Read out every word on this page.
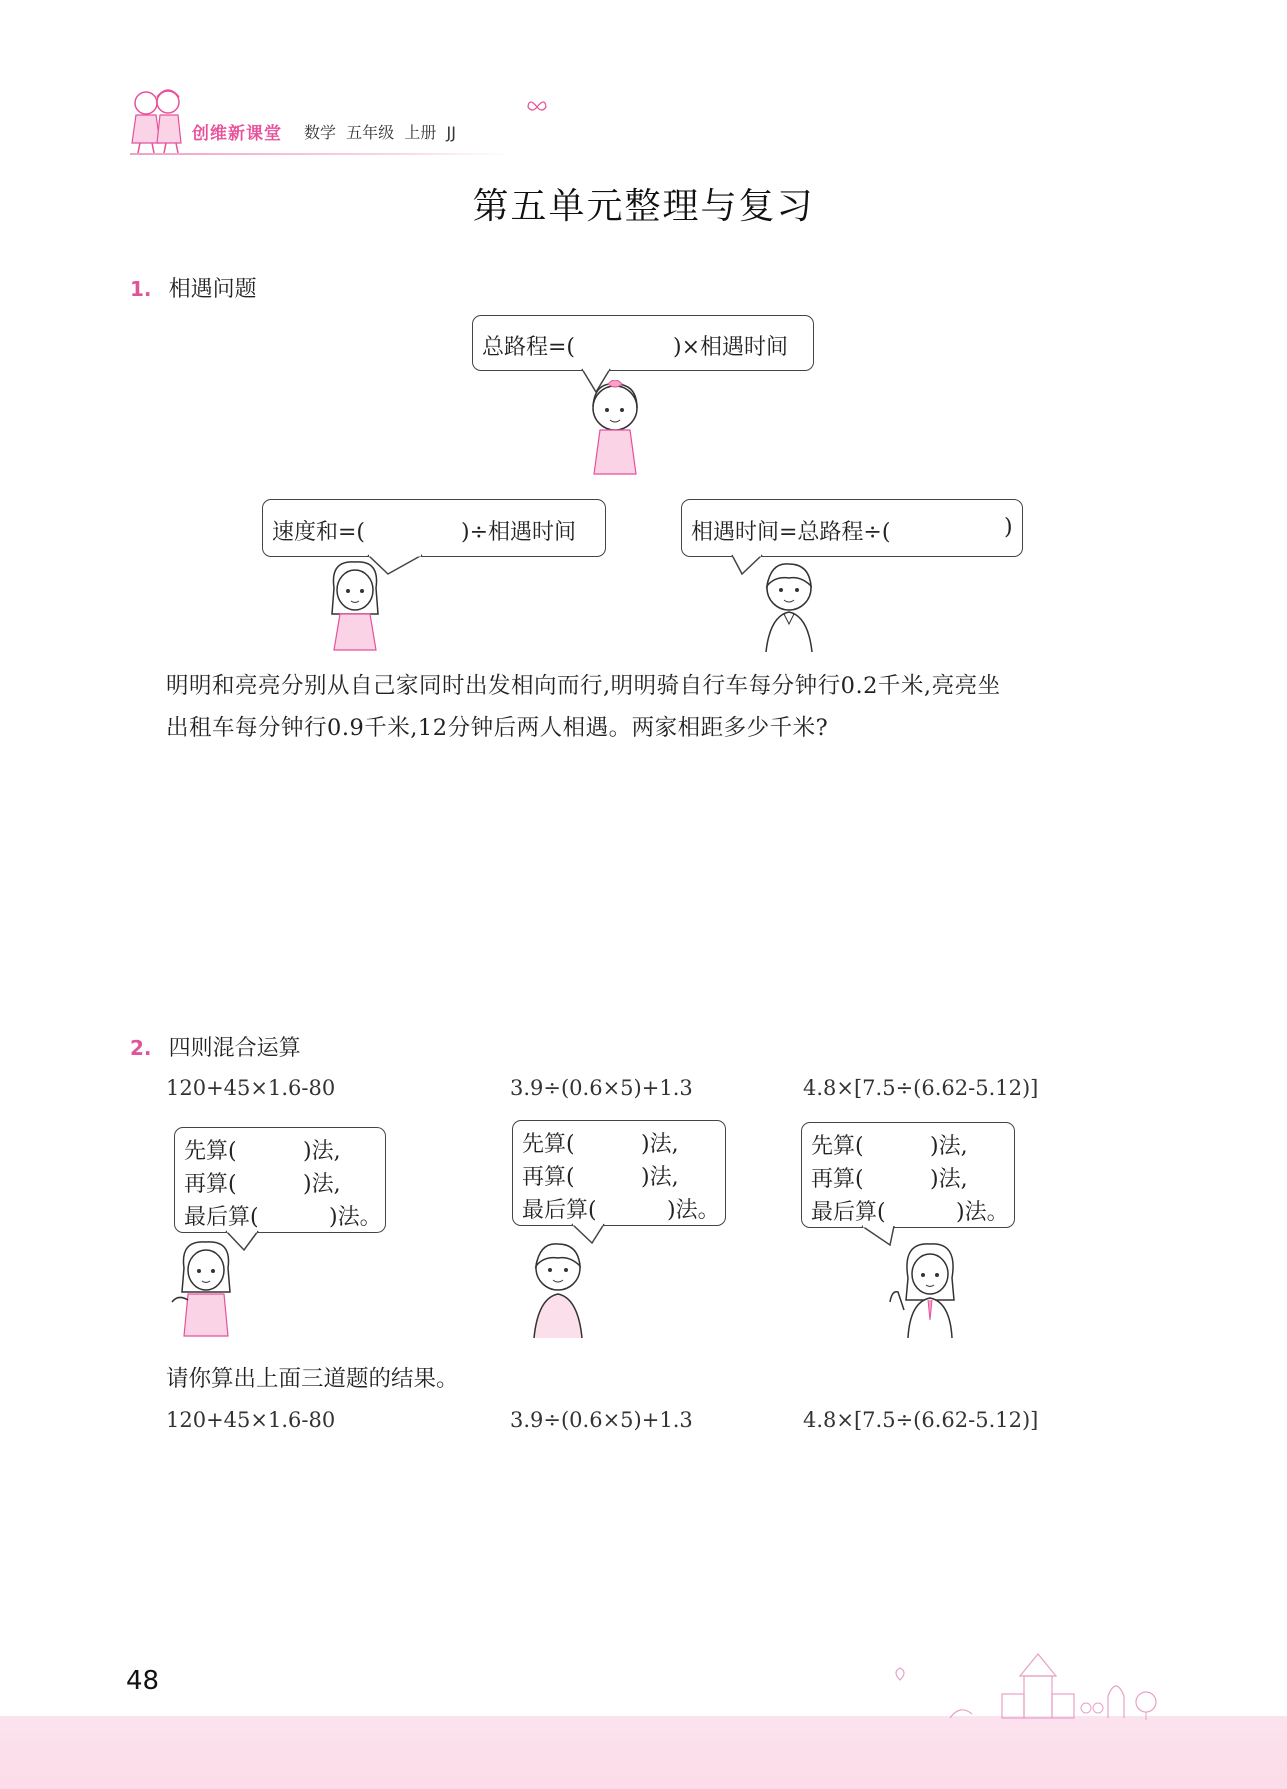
创维新课堂 数学  五年级  上册  JJ
第五单元整理与复习
1. 相遇问题
总路程=(	)×相遇时间
速度和=(	)÷相遇时间	相遇时间=总路程÷(	)
明明和亮亮分别从自己家同时出发相向而行,明明骑自行车每分钟行0.2千米,亮亮坐
出租车每分钟行0.9千米,12分钟后两人相遇。两家相距多少千米?
2. 四则混合运算
120+45×1.6-80	3.9÷(0.6×5)+1.3	4.8×[7.5÷(6.62-5.12)]
先算(	)法,
再算(	)法,
最后算(	)法。
先算(	)法,
再算(	)法,
最后算(	)法。
先算(	)法,
再算(	)法,
最后算(	)法。
请你算出上面三道题的结果。
120+45×1.6-80	3.9÷(0.6×5)+1.3	4.8×[7.5÷(6.62-5.12)]
48
